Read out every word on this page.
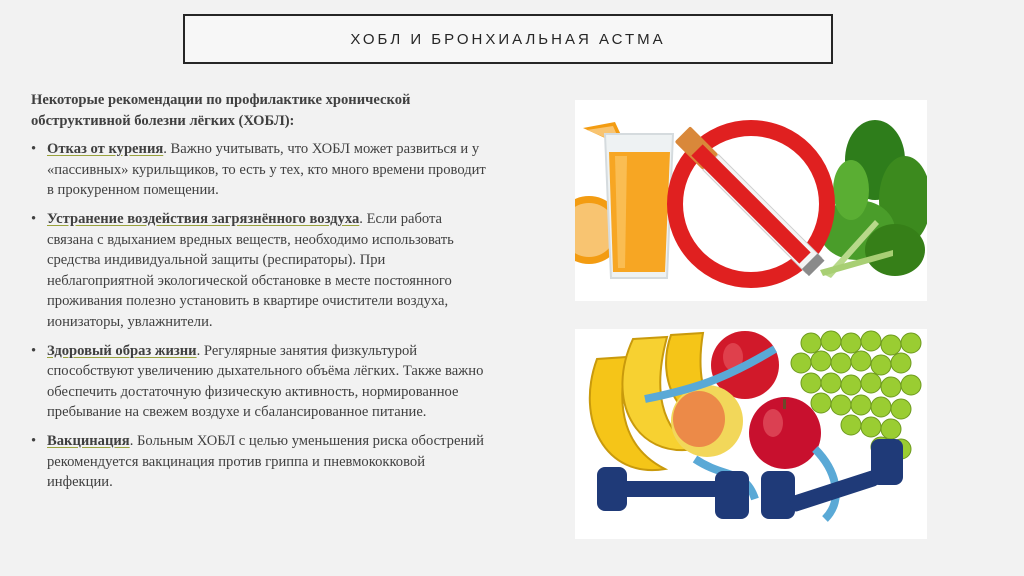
ХОБЛ И БРОНХИАЛЬНАЯ АСТМА

Некоторые рекомендации по профилактике хронической обструктивной болезни лёгких (ХОБЛ):

• Отказ от курения. Важно учитывать, что ХОБЛ может развиться и у «пассивных» курильщиков, то есть у тех, кто много времени проводит в прокуренном помещении.
• Устранение воздействия загрязнённого воздуха. Если работа связана с вдыханием вредных веществ, необходимо использовать средства индивидуальной защиты (респираторы). При неблагоприятной экологической обстановке в месте постоянного проживания полезно установить в квартире очистители воздуха, ионизаторы, увлажнители.
• Здоровый образ жизни. Регулярные занятия физкультурой способствуют увеличению дыхательного объёма лёгких. Также важно обеспечить достаточную физическую активность, нормированное пребывание на свежем воздухе и сбалансированное питание.
• Вакцинация. Больным ХОБЛ с целью уменьшения риска обострений рекомендуется вакцинация против гриппа и пневмококковой инфекции.
